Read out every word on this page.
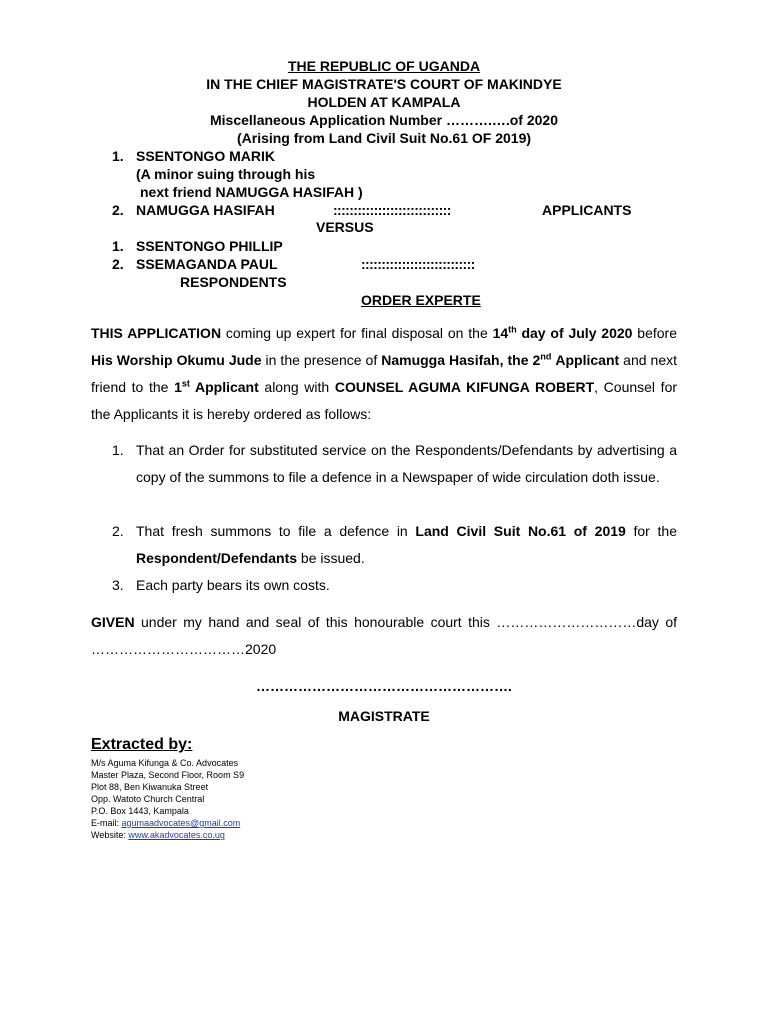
THE REPUBLIC OF UGANDA
IN THE CHIEF MAGISTRATE'S COURT OF MAKINDYE
HOLDEN AT KAMPALA
Miscellaneous Application Number ……….….of 2020
(Arising from Land Civil Suit No.61 OF 2019)
1. SSENTONGO MARIK
(A minor suing through his
next friend NAMUGGA HASIFAH )
2. NAMUGGA HASIFAH	:::::::::::::::::::::::::::::	APPLICANTS
VERSUS
1. SSENTONGO PHILLIP
2. SSEMAGANDA PAUL	::::::::::::::::::::::::::::
RESPONDENTS
ORDER EXPERTE
THIS APPLICATION coming up expert for final disposal on the 14th day of July 2020 before His Worship Okumu Jude in the presence of Namugga Hasifah, the 2nd Applicant and next friend to the 1st Applicant along with COUNSEL AGUMA KIFUNGA ROBERT, Counsel for the Applicants it is hereby ordered as follows:
1. That an Order for substituted service on the Respondents/Defendants by advertising a copy of the summons to file a defence in a Newspaper of wide circulation doth issue.
2. That fresh summons to file a defence in Land Civil Suit No.61 of 2019 for the Respondent/Defendants be issued.
3. Each party bears its own costs.
GIVEN under my hand and seal of this honourable court this …………………………day of ……………………………2020
……………………………………………….
MAGISTRATE
Extracted by:
M/s Aguma Kifunga & Co. Advocates
Master Plaza, Second Floor, Room S9
Plot 88, Ben Kiwanuka Street
Opp. Watoto Church Central
P.O. Box 1443, Kampala
E-mail: agumaadvocates@gmail.com
Website: www.akadvocates.co.ug
